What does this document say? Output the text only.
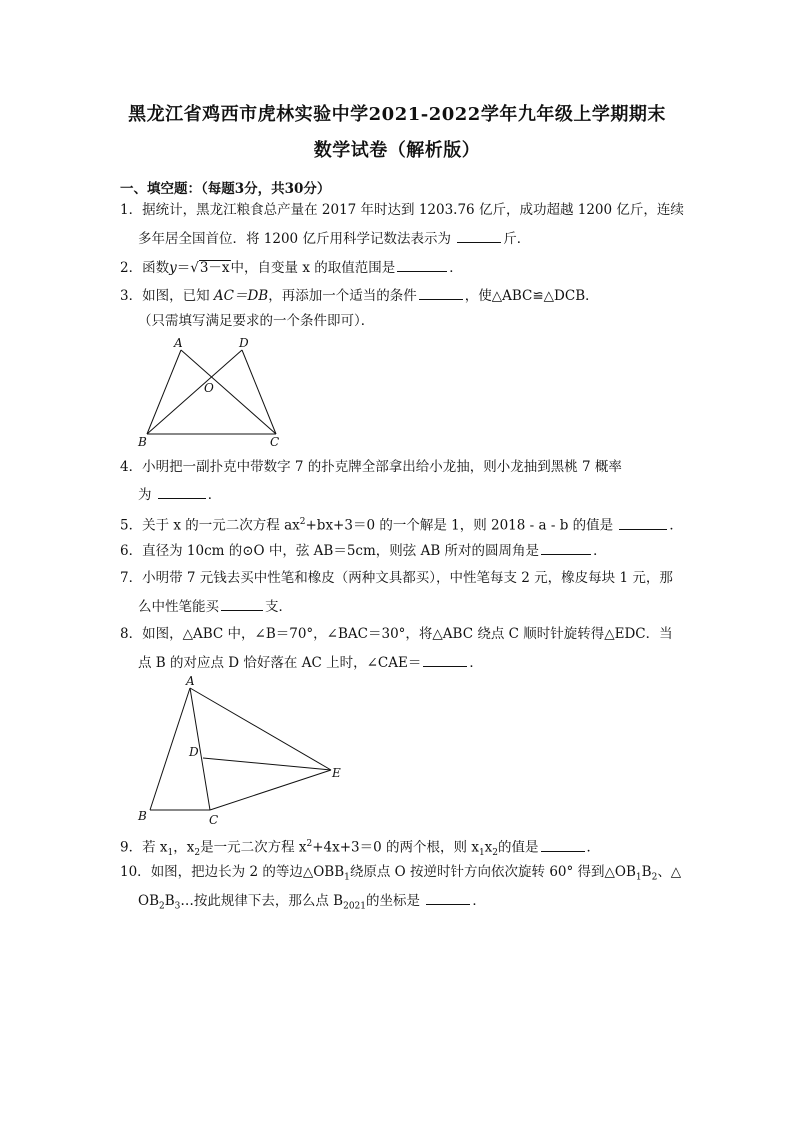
黑龙江省鸡西市虎林实验中学2021-2022学年九年级上学期期末
数学试卷（解析版）
一、填空题：（每题3分，共30分）
1．据统计，黑龙江粮食总产量在 2017 年时达到 1203.76 亿斤，成功超越 1200 亿斤，连续
多年居全国首位．将 1200 亿斤用科学记数法表示为	斤．
2．函数y＝√3－x中，自变量 x 的取值范围是	．
3．如图，已知 AC＝DB，再添加一个适当的条件	，使△ABC≌△DCB．
（只需填写满足要求的一个条件即可）．
A	D
O
B	C
4．小明把一副扑克中带数字 7 的扑克牌全部拿出给小龙抽，则小龙抽到黑桃 7 概率
为	．
5．关于 x 的一元二次方程 $ax^2+bx+3=0$ 的一个解是 1，则 2018 - a - b 的值是	．
6．直径为 10cm 的⊙O 中，弦 AB＝5cm，则弦 AB 所对的圆周角是	．
7．小明带 7 元钱去买中性笔和橡皮（两种文具都买），中性笔每支 2 元，橡皮每块 1 元，那
么中性笔能买	支．
8．如图，△ABC 中，∠B＝70°，∠BAC＝30°，将△ABC 绕点 C 顺时针旋转得△EDC．当
点 B 的对应点 D 恰好落在 AC 上时，∠CAE＝	．
A
D
E
B	C
9．若 $x_1$，$x_2$是一元二次方程 $x^2+4x+3=0$ 的两个根，则 $x_1x_2$的值是	．
10．如图，把边长为 2 的等边$\triangle OBB_1$绕原点 O 按逆时针方向依次旋转 60° 得到$\triangle OB_1B_2$、△
$OB_2B_3\dots$按此规律下去，那么点 $B_{2021}$的坐标是	．
